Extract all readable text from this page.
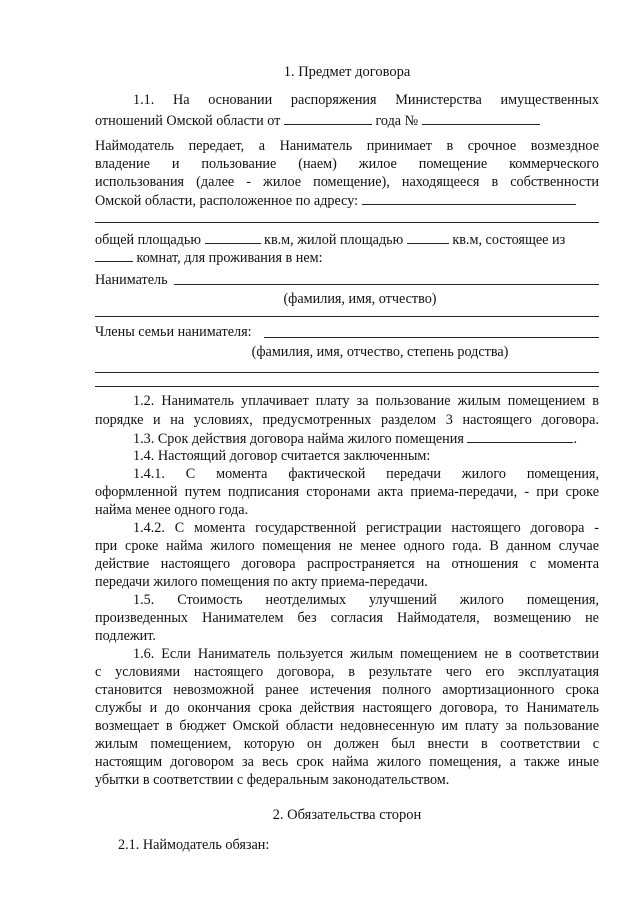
1. Предмет договора
1.1. На основании распоряжения Министерства имущественных
отношений Омской области от	года №
Наймодатель передает, а Наниматель принимает в срочное возмездное
владение и пользование (наем) жилое помещение коммерческого
использования (далее - жилое помещение), находящееся в собственности
Омской области, расположенное по адресу:
общей площадью	кв.м, жилой площадью	кв.м, состоящее из
комнат, для проживания в нем:
Наниматель
(фамилия, имя, отчество)
Члены семьи нанимателя:
(фамилия, имя, отчество, степень родства)
1.2. Наниматель уплачивает плату за пользование жилым помещением в
порядке и на условиях, предусмотренных разделом 3 настоящего договора.
1.3. Срок действия договора найма жилого помещения	.
1.4. Настоящий договор считается заключенным:
1.4.1. С момента фактической передачи жилого помещения,
оформленной путем подписания сторонами акта приема-передачи, - при сроке
найма менее одного года.
1.4.2. С момента государственной регистрации настоящего договора -
при сроке найма жилого помещения не менее одного года. В данном случае
действие настоящего договора распространяется на отношения с момента
передачи жилого помещения по акту приема-передачи.
1.5. Стоимость неотделимых улучшений жилого помещения,
произведенных Нанимателем без согласия Наймодателя, возмещению не
подлежит.
1.6. Если Наниматель пользуется жилым помещением не в соответствии
с условиями настоящего договора, в результате чего его эксплуатация
становится невозможной ранее истечения полного амортизационного срока
службы и до окончания срока действия настоящего договора, то Наниматель
возмещает в бюджет Омской области недовнесенную им плату за пользование
жилым помещением, которую он должен был внести в соответствии с
настоящим договором за весь срок найма жилого помещения, а также иные
убытки в соответствии с федеральным законодательством.
2. Обязательства сторон
2.1. Наймодатель обязан:
